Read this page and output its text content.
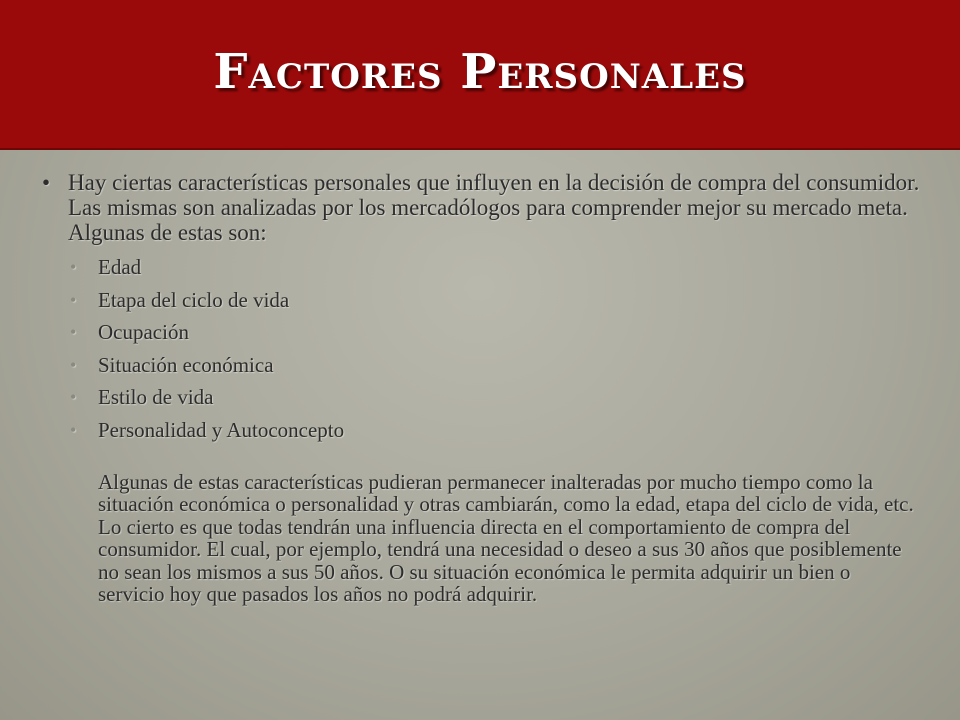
Factores Personales
• Hay ciertas características personales que influyen en la decisión de compra del consumidor. Las mismas son analizadas por los mercadólogos para comprender mejor su mercado meta. Algunas de estas son:
• Edad
• Etapa del ciclo de vida
• Ocupación
• Situación económica
• Estilo de vida
• Personalidad y Autoconcepto

Algunas de estas características pudieran permanecer inalteradas por mucho tiempo como la situación económica o personalidad y otras cambiarán, como la edad, etapa del ciclo de vida, etc. Lo cierto es que todas tendrán una influencia directa en el comportamiento de compra del consumidor. El cual, por ejemplo, tendrá una necesidad o deseo a sus 30 años que posiblemente no sean los mismos a sus 50 años. O su situación económica le permita adquirir un bien o servicio hoy que pasados los años no podrá adquirir.
